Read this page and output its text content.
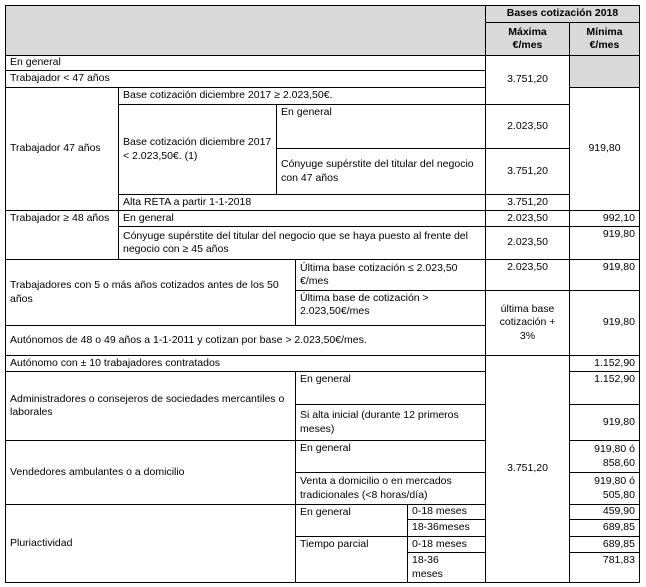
Bases cotización 2018
Máxima
€/mes
Mínima
€/mes
En general
Trabajador < 47 años
Trabajador 47 años
Base cotización diciembre 2017 ≥ 2.023,50€.
Base cotización diciembre 2017 < 2.023,50€. (1)
En general
Cónyuge supérstite del titular del negocio con 47 años
Alta RETA a partir 1-1-2018
3.751,20
2.023,50
3.751,20
3.751,20
919,80
Trabajador ≥ 48 años	En general
Cónyuge supérstite del titular del negocio que se haya puesto al frente del negocio con ≥ 45 años
2.023,50
2.023,50
992,10
919,80
Trabajadores con 5 o más años cotizados antes de los 50 años
Última base cotización ≤ 2.023,50 €/mes
Última base de cotización > 2.023,50€/mes
Autónomos de 48 o 49 años a 1-1-2011 y cotizan por base > 2.023,50€/mes.
2.023,50
última base
cotización +
3%
919,80
919,80
Autónomo con ± 10 trabajadores contratados	1.152,90
Administradores o consejeros de sociedades mercantiles o laborales
En general
Si alta inicial (durante 12 primeros meses)
1.152,90
919,80
Vendedores ambulantes o a domicilio
En general
Venta a domicilio o en mercados tradicionales (<8 horas/día)
919,80 ó
858,60
919,80 ó
505,80
Pluriactividad
En general
Tiempo parcial
0-18 meses
18-36meses
0-18 meses
18-36
meses
459,90
689,85
689,85
781,83
3.751,20
